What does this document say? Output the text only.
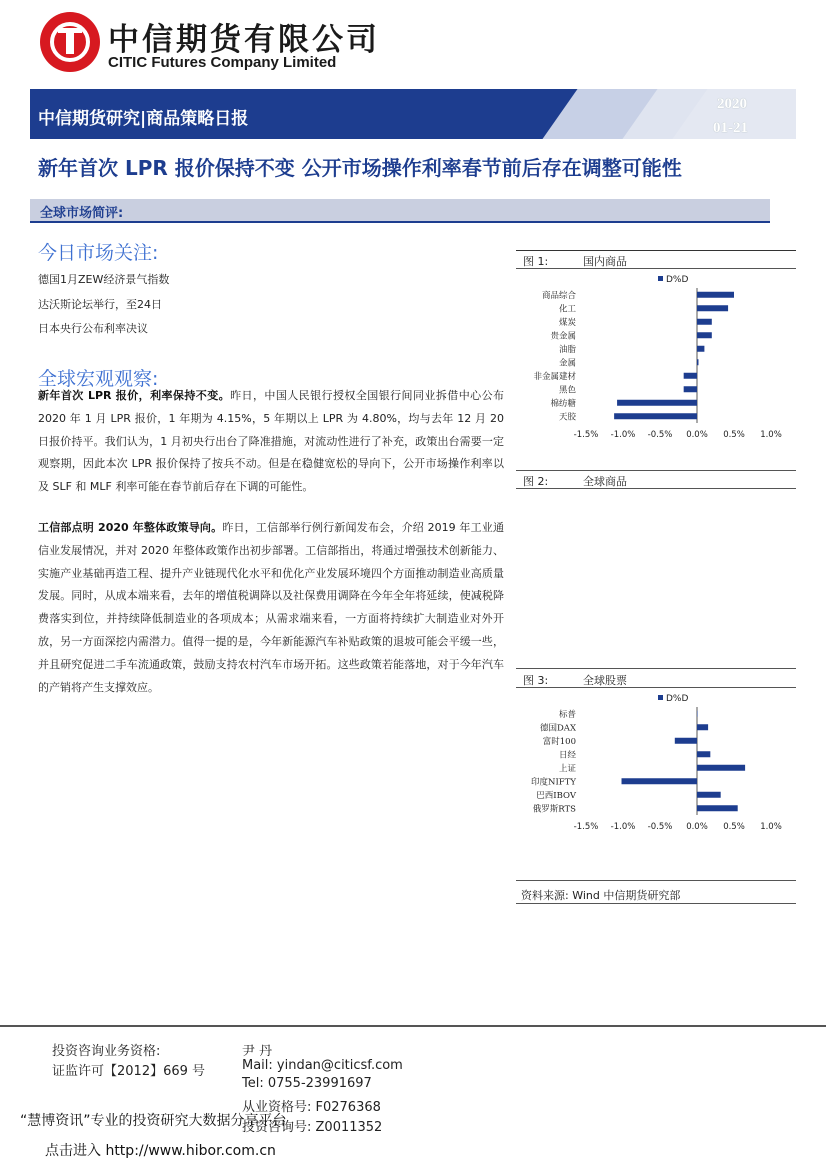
中信期货有限公司
CITIC Futures Company Limited
中信期货研究|商品策略日报
2020
01-21
新年首次 LPR 报价保持不变 公开市场操作利率春节前后存在调整可能性
全球市场简评:
今日市场关注:
德国1月ZEW经济景气指数
达沃斯论坛举行，至24日
日本央行公布利率决议
全球宏观观察:
新年首次 LPR 报价，利率保持不变。昨日，中国人民银行授权全国银行间同业拆借中心公布 2020 年 1 月 LPR 报价，1 年期为 4.15%，5 年期以上 LPR 为 4.80%，均与去年 12 月 20 日报价持平。我们认为，1 月初央行出台了降准措施，对流动性进行了补充，政策出台需要一定观察期，因此本次 LPR 报价保持了按兵不动。但是在稳健宽松的导向下，公开市场操作利率以及 SLF 和 MLF 利率可能在春节前后存在下调的可能性。
工信部点明 2020 年整体政策导向。昨日，工信部举行例行新闻发布会，介绍 2019 年工业通信业发展情况，并对 2020 年整体政策作出初步部署。工信部指出，将通过增强技术创新能力、实施产业基础再造工程、提升产业链现代化水平和优化产业发展环境四个方面推动制造业高质量发展。同时，从成本端来看，去年的增值税调降以及社保费用调降在今年全年将延续，使减税降费落实到位，并持续降低制造业的各项成本；从需求端来看，一方面将持续扩大制造业对外开放，另一方面深挖内需潜力。值得一提的是，今年新能源汽车补贴政策的退坡可能会平缓一些，并且研究促进二手车流通政策，鼓励支持农村汽车市场开拓。这些政策若能落地，对于今年汽车的产销将产生支撑效应。
图 1:	国内商品
D%D
商品综合
化工
煤炭
贵金属
油脂
金属
非金属建材
黑色
棉纺糖
天胶
-1.5% -1.0% -0.5% 0.0% 0.5% 1.0%
图 2:	全球商品
图 3:	全球股票
D%D
标普
德国DAX
富时100
日经
上证
印度NIFTY
巴西IBOV
俄罗斯RTS
-1.5% -1.0% -0.5% 0.0% 0.5% 1.0%
资料来源: Wind 中信期货研究部
投资咨询业务资格:
证监许可【2012】669 号
尹 丹
Mail: yindan@citicsf.com
Tel: 0755-23991697
从业资格号: F0276368
投资咨询号: Z0011352
“慧博资讯”专业的投资研究大数据分享平台
点击进入 http://www.hibor.com.cn
